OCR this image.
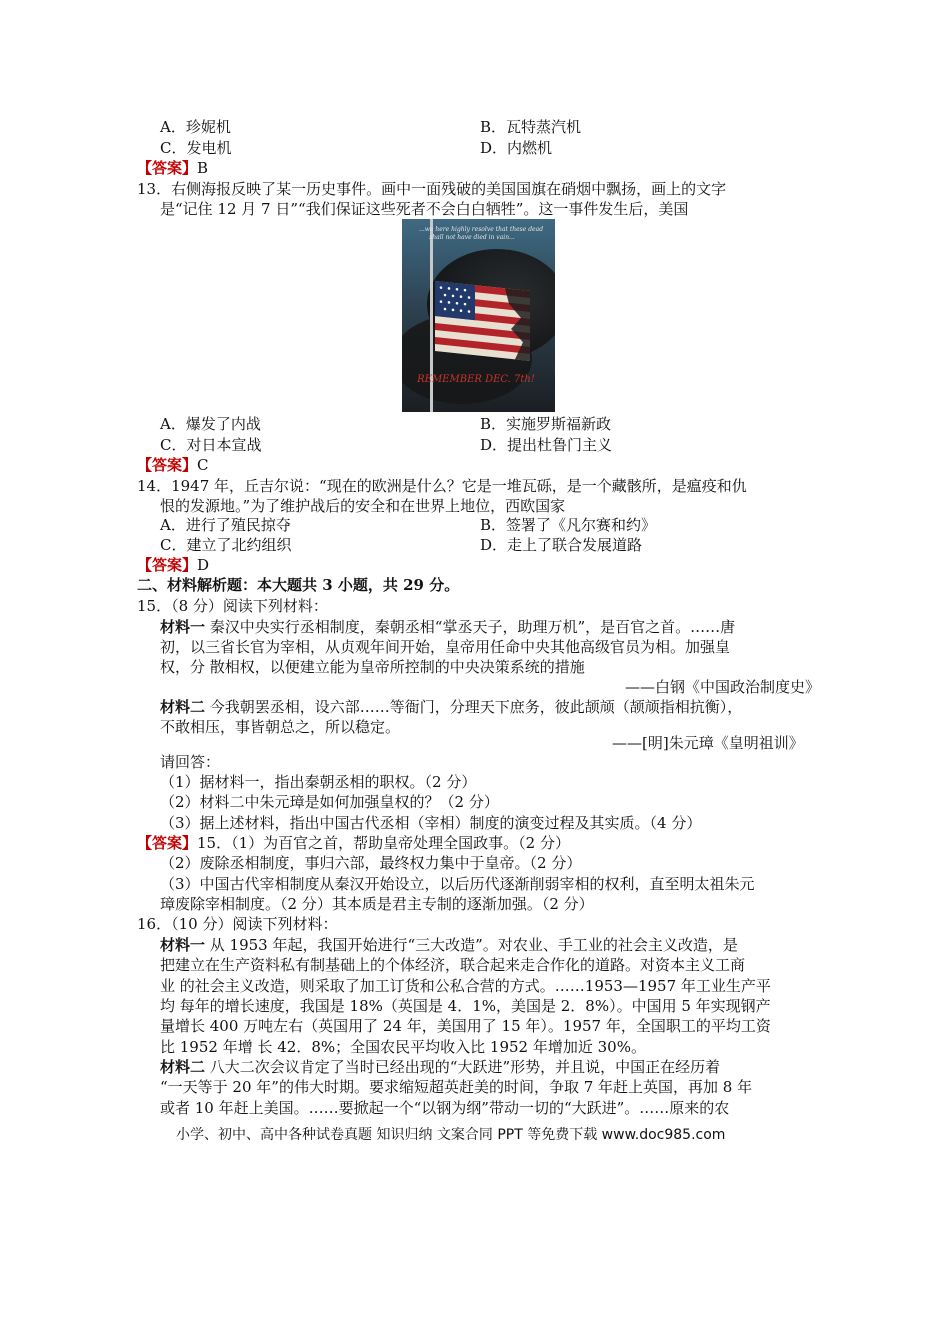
A．珍妮机	B．瓦特蒸汽机
C．发电机	D．内燃机
【答案】B
13．右侧海报反映了某一历史事件。画中一面残破的美国国旗在硝烟中飘扬，画上的文字
是“记住 12 月 7 日”“我们保证这些死者不会白白牺牲”。这一事件发生后，美国
...we here highly resolve that these dead shall not have died in vain...
REMEMBER DEC. 7th!
A．爆发了内战	B．实施罗斯福新政
C．对日本宣战	D．提出杜鲁门主义
【答案】C
14．1947 年，丘吉尔说：“现在的欧洲是什么？它是一堆瓦砾，是一个藏骸所，是瘟疫和仇
恨的发源地。”为了维护战后的安全和在世界上地位，西欧国家
A．进行了殖民掠夺	B．签署了《凡尔赛和约》
C．建立了北约组织	D．走上了联合发展道路
【答案】D
二、材料解析题：本大题共 3 小题，共 29 分。
15．（8 分）阅读下列材料：
材料一 秦汉中央实行丞相制度，秦朝丞相“掌丞天子，助理万机”，是百官之首。……唐
初，以三省长官为宰相，从贞观年间开始，皇帝用任命中央其他高级官员为相。加强皇
权，分 散相权，以便建立能为皇帝所控制的中央决策系统的措施
——白钢《中国政治制度史》
材料二 今我朝罢丞相，设六部……等衙门，分理天下庶务，彼此颉颃（颉颃指相抗衡），
不敢相压，事皆朝总之，所以稳定。
——[明]朱元璋《皇明祖训》
请回答：
（1）据材料一，指出秦朝丞相的职权。（2 分）
（2）材料二中朱元璋是如何加强皇权的？（2 分）
（3）据上述材料，指出中国古代丞相（宰相）制度的演变过程及其实质。（4 分）
【答案】15．（1）为百官之首，帮助皇帝处理全国政事。（2 分）
（2）废除丞相制度，事归六部，最终权力集中于皇帝。（2 分）
（3）中国古代宰相制度从秦汉开始设立，以后历代逐渐削弱宰相的权利，直至明太祖朱元
璋废除宰相制度。（2 分）其本质是君主专制的逐渐加强。（2 分）
16．（10 分）阅读下列材料：
材料一 从 1953 年起，我国开始进行“三大改造”。对农业、手工业的社会主义改造，是
把建立在生产资料私有制基础上的个体经济，联合起来走合作化的道路。对资本主义工商
业 的社会主义改造，则采取了加工订货和公私合营的方式。……1953—1957 年工业生产平
均 每年的增长速度，我国是 18%（英国是 4．1%，美国是 2．8%）。中国用 5 年实现钢产
量增长 400 万吨左右（英国用了 24 年，美国用了 15 年）。1957 年，全国职工的平均工资
比 1952 年增 长 42．8%；全国农民平均收入比 1952 年增加近 30%。
材料二 八大二次会议肯定了当时已经出现的“大跃进”形势，并且说，中国正在经历着
“一天等于 20 年”的伟大时期。要求缩短超英赶美的时间，争取 7 年赶上英国，再加 8 年
或者 10 年赶上美国。……要掀起一个“以钢为纲”带动一切的“大跃进”。……原来的农
小学、初中、高中各种试卷真题 知识归纳 文案合同 PPT 等免费下载 www.doc985.com
